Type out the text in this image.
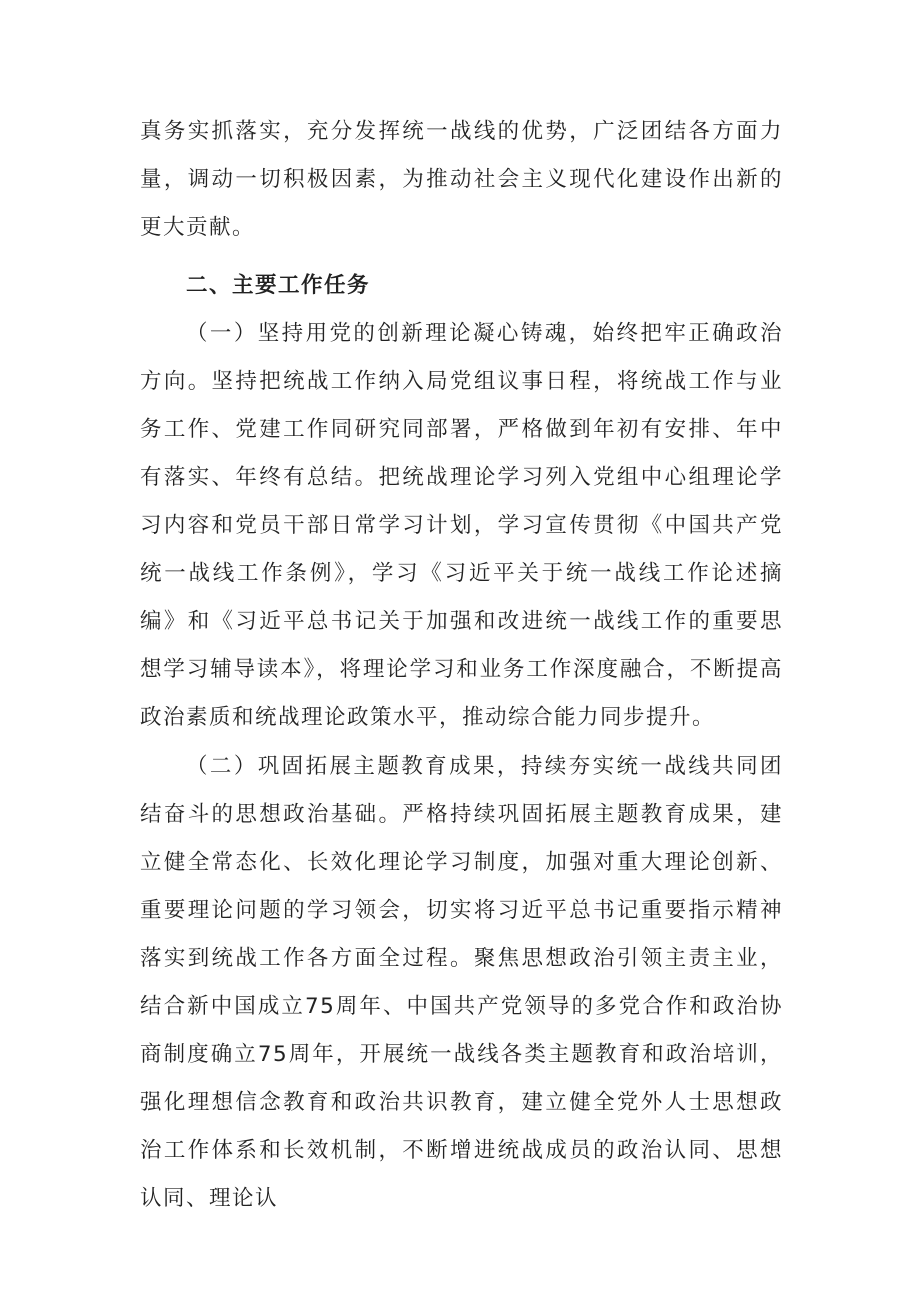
真务实抓落实，充分发挥统一战线的优势，广泛团结各方面力量，调动一切积极因素，为推动社会主义现代化建设作出新的更大贡献。

二、主要工作任务

（一）坚持用党的创新理论凝心铸魂，始终把牢正确政治方向。坚持把统战工作纳入局党组议事日程，将统战工作与业务工作、党建工作同研究同部署，严格做到年初有安排、年中有落实、年终有总结。把统战理论学习列入党组中心组理论学习内容和党员干部日常学习计划，学习宣传贯彻《中国共产党统一战线工作条例》，学习《习近平关于统一战线工作论述摘编》和《习近平总书记关于加强和改进统一战线工作的重要思想学习辅导读本》，将理论学习和业务工作深度融合，不断提高政治素质和统战理论政策水平，推动综合能力同步提升。

（二）巩固拓展主题教育成果，持续夯实统一战线共同团结奋斗的思想政治基础。严格持续巩固拓展主题教育成果，建立健全常态化、长效化理论学习制度，加强对重大理论创新、重要理论问题的学习领会，切实将习近平总书记重要指示精神落实到统战工作各方面全过程。聚焦思想政治引领主责主业，结合新中国成立75周年、中国共产党领导的多党合作和政治协商制度确立75周年，开展统一战线各类主题教育和政治培训，强化理想信念教育和政治共识教育，建立健全党外人士思想政治工作体系和长效机制，不断增进统战成员的政治认同、思想认同、理论认
